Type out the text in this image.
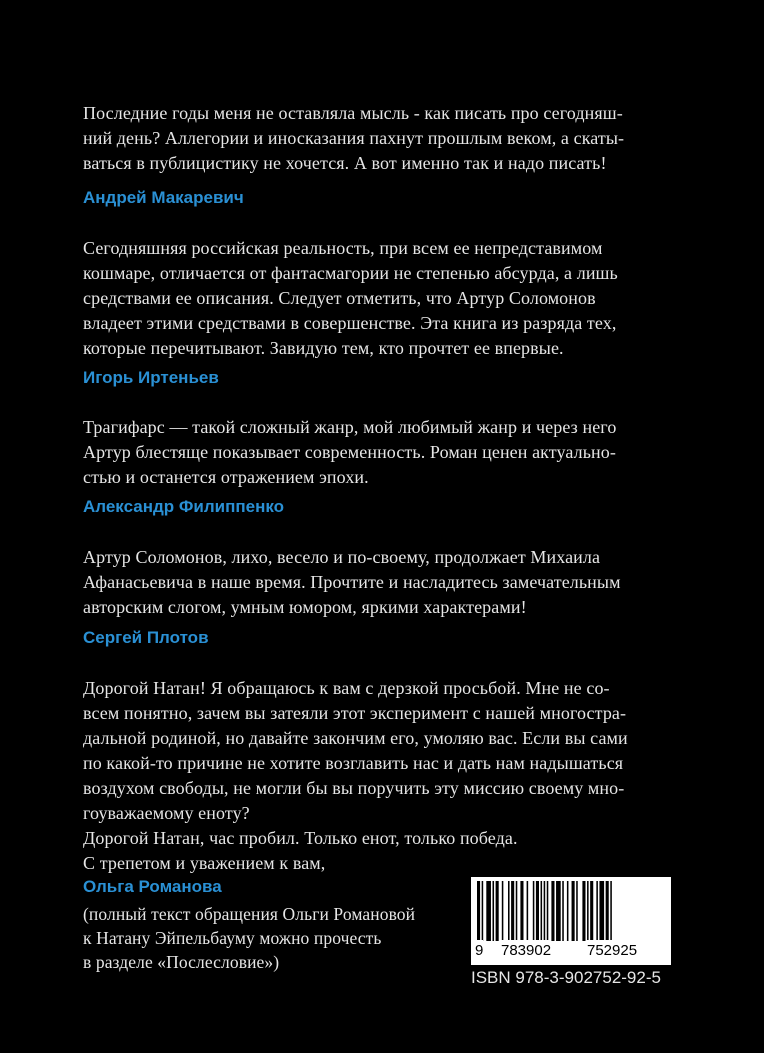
Последние годы меня не оставляла мысль - как писать про сегодняш-
ний день? Аллегории и иносказания пахнут прошлым веком, а скаты-
ваться в публицистику не хочется. А вот именно так и надо писать!
Андрей Макаревич
Сегодняшняя российская реальность, при всем ее непредставимом
кошмаре, отличается от фантасмагории не степенью абсурда, а лишь
средствами ее описания. Следует отметить, что Артур Соломонов
владеет этими средствами в совершенстве. Эта книга из разряда тех,
которые перечитывают. Завидую тем, кто прочтет ее впервые.
Игорь Иртеньев
Трагифарс — такой сложный жанр, мой любимый жанр и через него
Артур блестяще показывает современность. Роман ценен актуально-
стью и останется отражением эпохи.
Александр Филиппенко
Артур Соломонов, лихо, весело и по-своему, продолжает Михаила
Афанасьевича в наше время. Прочтите и насладитесь замечательным
авторским слогом, умным юмором, яркими характерами!
Сергей Плотов
Дорогой Натан! Я обращаюсь к вам с дерзкой просьбой. Мне не со-
всем понятно, зачем вы затеяли этот эксперимент с нашей многостра-
дальной родиной, но давайте закончим его, умоляю вас. Если вы сами
по какой-то причине не хотите возглавить нас и дать нам надышаться
воздухом свободы, не могли бы вы поручить эту миссию своему мно-
гоуважаемому еноту?
Дорогой Натан, час пробил. Только енот, только победа.
С трепетом и уважением к вам,
Ольга Романова
(полный текст обращения Ольги Романовой
к Натану Эйпельбауму можно прочесть
в разделе «Послесловие»)
9 783902 752925
ISBN 978-3-902752-92-5
